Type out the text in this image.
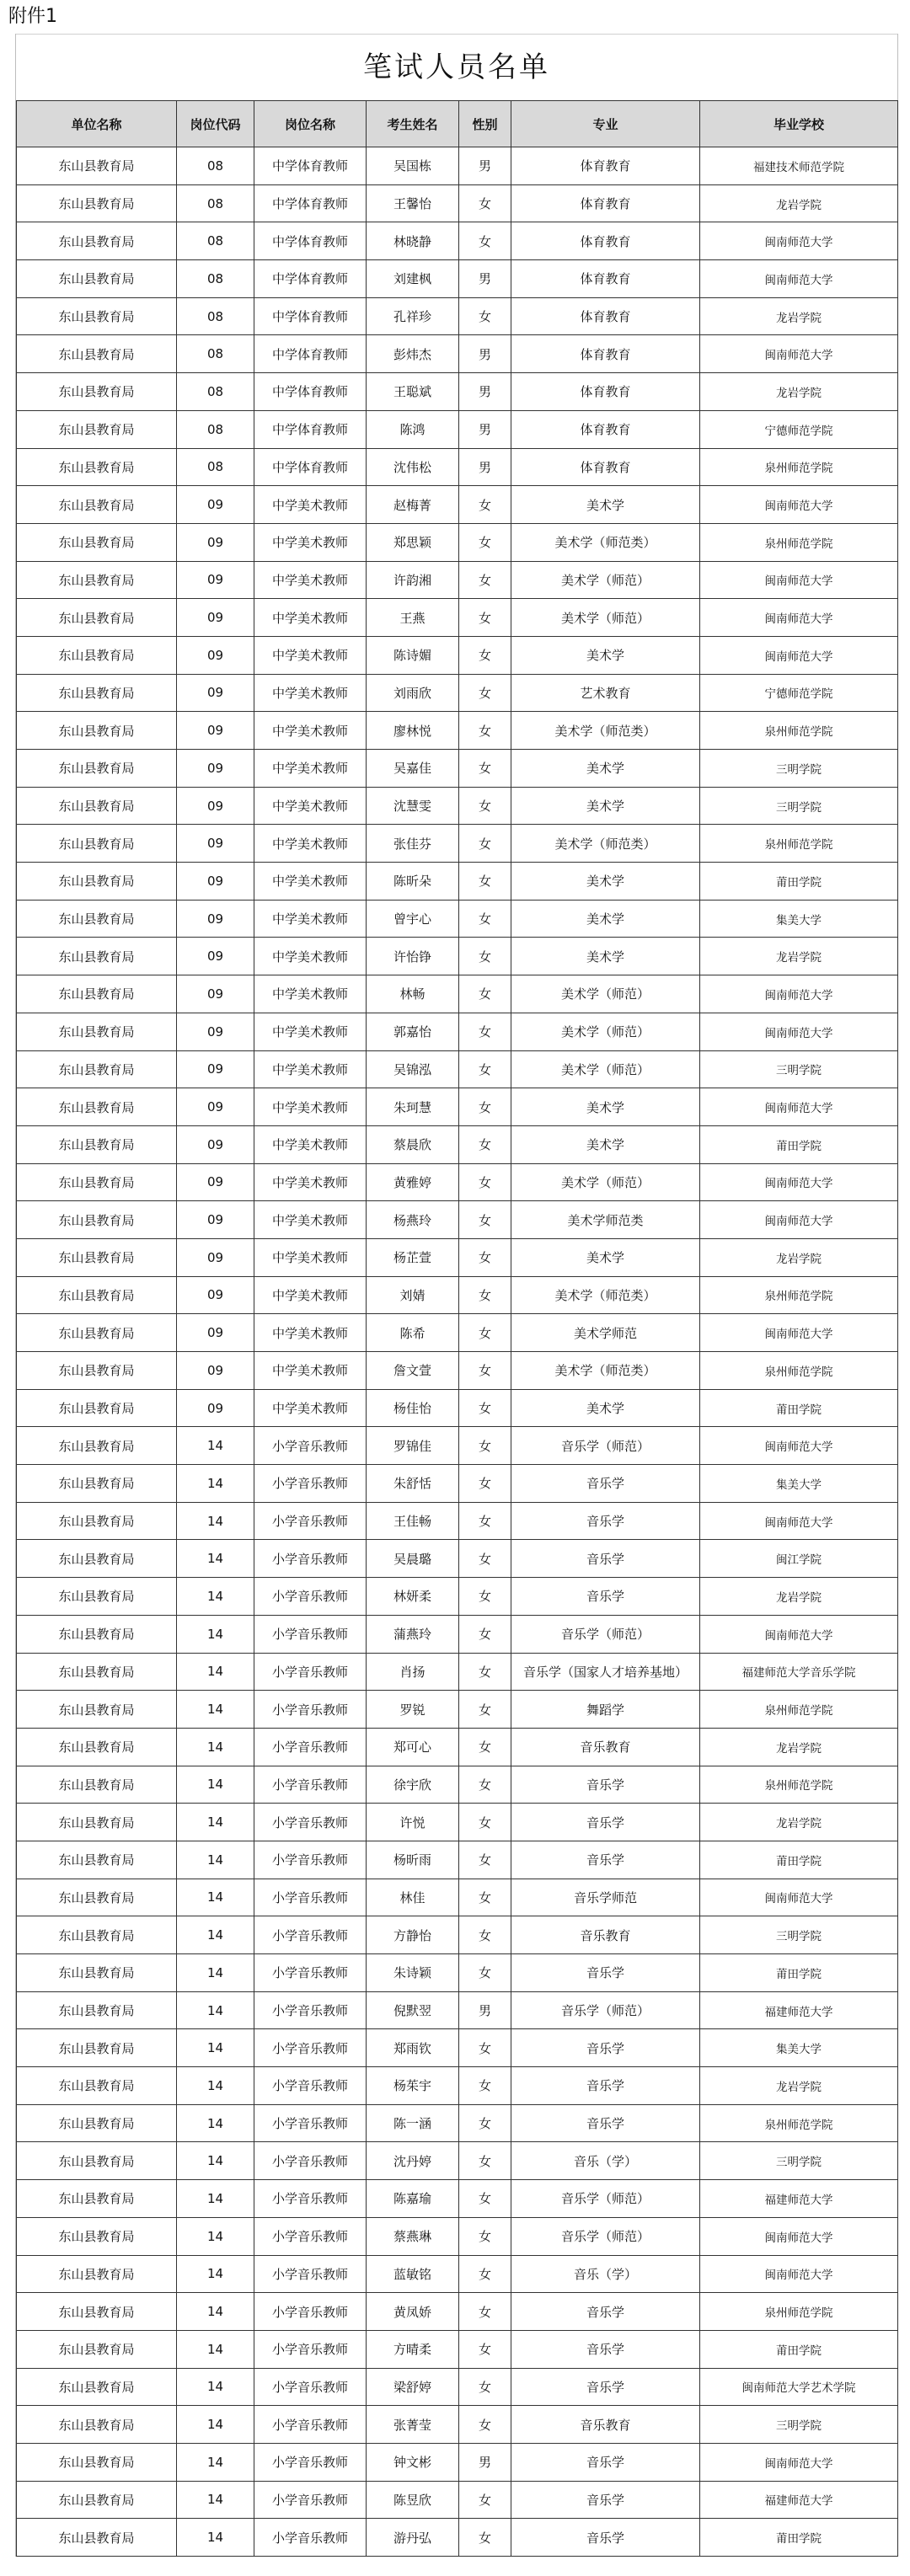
附件1
笔试人员名单
单位名称	岗位代码	岗位名称	考生姓名	性别	专业	毕业学校
东山县教育局	08	中学体育教师	吴国栋	男	体育教育	福建技术师范学院
东山县教育局	08	中学体育教师	王馨怡	女	体育教育	龙岩学院
东山县教育局	08	中学体育教师	林晓静	女	体育教育	闽南师范大学
东山县教育局	08	中学体育教师	刘建枫	男	体育教育	闽南师范大学
东山县教育局	08	中学体育教师	孔祥珍	女	体育教育	龙岩学院
东山县教育局	08	中学体育教师	彭炜杰	男	体育教育	闽南师范大学
东山县教育局	08	中学体育教师	王聪斌	男	体育教育	龙岩学院
东山县教育局	08	中学体育教师	陈鸿	男	体育教育	宁德师范学院
东山县教育局	08	中学体育教师	沈伟松	男	体育教育	泉州师范学院
东山县教育局	09	中学美术教师	赵梅菁	女	美术学	闽南师范大学
东山县教育局	09	中学美术教师	郑思颖	女	美术学（师范类）	泉州师范学院
东山县教育局	09	中学美术教师	许韵湘	女	美术学（师范）	闽南师范大学
东山县教育局	09	中学美术教师	王燕	女	美术学（师范）	闽南师范大学
东山县教育局	09	中学美术教师	陈诗媚	女	美术学	闽南师范大学
东山县教育局	09	中学美术教师	刘雨欣	女	艺术教育	宁德师范学院
东山县教育局	09	中学美术教师	廖林悦	女	美术学（师范类）	泉州师范学院
东山县教育局	09	中学美术教师	吴嘉佳	女	美术学	三明学院
东山县教育局	09	中学美术教师	沈慧雯	女	美术学	三明学院
东山县教育局	09	中学美术教师	张佳芬	女	美术学（师范类）	泉州师范学院
东山县教育局	09	中学美术教师	陈昕朵	女	美术学	莆田学院
东山县教育局	09	中学美术教师	曾宇心	女	美术学	集美大学
东山县教育局	09	中学美术教师	许怡铮	女	美术学	龙岩学院
东山县教育局	09	中学美术教师	林畅	女	美术学（师范）	闽南师范大学
东山县教育局	09	中学美术教师	郭嘉怡	女	美术学（师范）	闽南师范大学
东山县教育局	09	中学美术教师	吴锦泓	女	美术学（师范）	三明学院
东山县教育局	09	中学美术教师	朱珂慧	女	美术学	闽南师范大学
东山县教育局	09	中学美术教师	蔡晨欣	女	美术学	莆田学院
东山县教育局	09	中学美术教师	黄雅婷	女	美术学（师范）	闽南师范大学
东山县教育局	09	中学美术教师	杨燕玲	女	美术学师范类	闽南师范大学
东山县教育局	09	中学美术教师	杨芷萱	女	美术学	龙岩学院
东山县教育局	09	中学美术教师	刘婧	女	美术学（师范类）	泉州师范学院
东山县教育局	09	中学美术教师	陈希	女	美术学师范	闽南师范大学
东山县教育局	09	中学美术教师	詹文萱	女	美术学（师范类）	泉州师范学院
东山县教育局	09	中学美术教师	杨佳怡	女	美术学	莆田学院
东山县教育局	14	小学音乐教师	罗锦佳	女	音乐学（师范）	闽南师范大学
东山县教育局	14	小学音乐教师	朱舒恬	女	音乐学	集美大学
东山县教育局	14	小学音乐教师	王佳畅	女	音乐学	闽南师范大学
东山县教育局	14	小学音乐教师	吴晨璐	女	音乐学	闽江学院
东山县教育局	14	小学音乐教师	林妍柔	女	音乐学	龙岩学院
东山县教育局	14	小学音乐教师	蒲燕玲	女	音乐学（师范）	闽南师范大学
东山县教育局	14	小学音乐教师	肖扬	女	音乐学（国家人才培养基地）	福建师范大学音乐学院
东山县教育局	14	小学音乐教师	罗锐	女	舞蹈学	泉州师范学院
东山县教育局	14	小学音乐教师	郑可心	女	音乐教育	龙岩学院
东山县教育局	14	小学音乐教师	徐宇欣	女	音乐学	泉州师范学院
东山县教育局	14	小学音乐教师	许悦	女	音乐学	龙岩学院
东山县教育局	14	小学音乐教师	杨昕雨	女	音乐学	莆田学院
东山县教育局	14	小学音乐教师	林佳	女	音乐学师范	闽南师范大学
东山县教育局	14	小学音乐教师	方静怡	女	音乐教育	三明学院
东山县教育局	14	小学音乐教师	朱诗颖	女	音乐学	莆田学院
东山县教育局	14	小学音乐教师	倪默翌	男	音乐学（师范）	福建师范大学
东山县教育局	14	小学音乐教师	郑雨钦	女	音乐学	集美大学
东山县教育局	14	小学音乐教师	杨茱宇	女	音乐学	龙岩学院
东山县教育局	14	小学音乐教师	陈一涵	女	音乐学	泉州师范学院
东山县教育局	14	小学音乐教师	沈丹婷	女	音乐（学）	三明学院
东山县教育局	14	小学音乐教师	陈嘉瑜	女	音乐学（师范）	福建师范大学
东山县教育局	14	小学音乐教师	蔡燕琳	女	音乐学（师范）	闽南师范大学
东山县教育局	14	小学音乐教师	蓝敏铭	女	音乐（学）	闽南师范大学
东山县教育局	14	小学音乐教师	黄凤娇	女	音乐学	泉州师范学院
东山县教育局	14	小学音乐教师	方晴柔	女	音乐学	莆田学院
东山县教育局	14	小学音乐教师	梁舒婷	女	音乐学	闽南师范大学艺术学院
东山县教育局	14	小学音乐教师	张菁莹	女	音乐教育	三明学院
东山县教育局	14	小学音乐教师	钟文彬	男	音乐学	闽南师范大学
东山县教育局	14	小学音乐教师	陈昱欣	女	音乐学	福建师范大学
东山县教育局	14	小学音乐教师	游丹弘	女	音乐学	莆田学院
